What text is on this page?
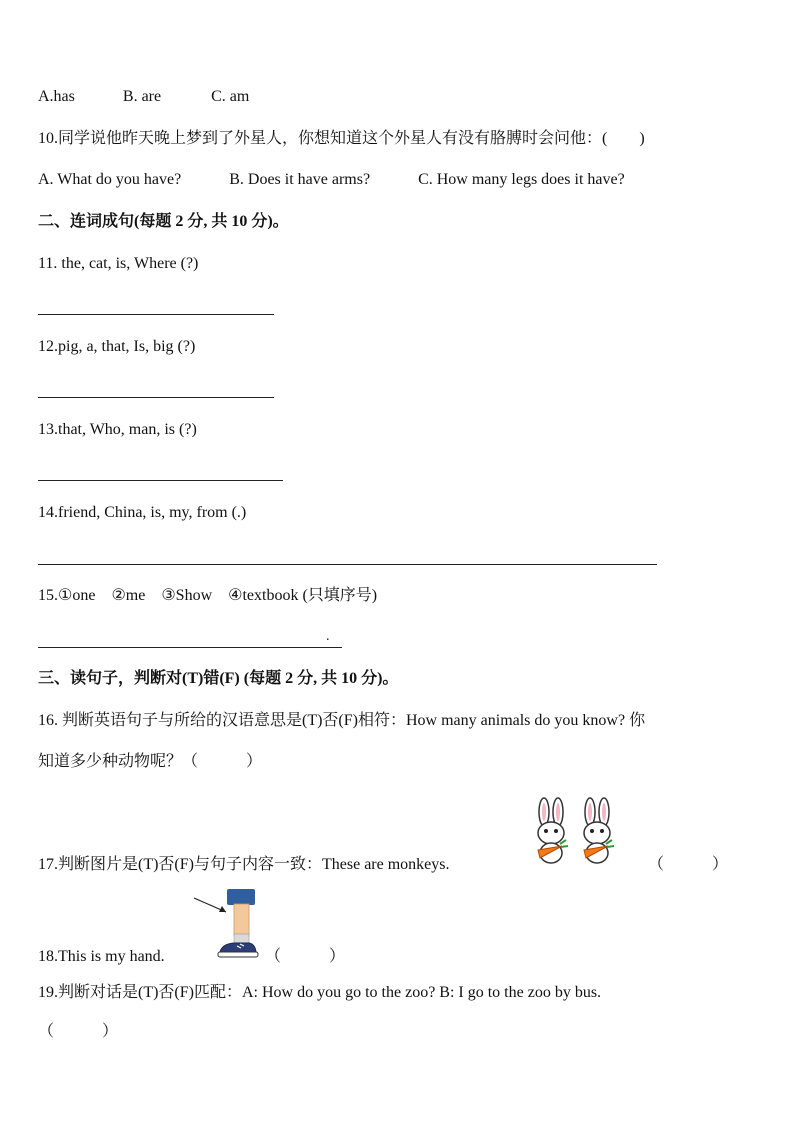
A.has	B. are	C. am
10.同学说他昨天晚上梦到了外星人，你想知道这个外星人有没有胳膊时会问他：(　　)
A. What do you have?	B. Does it have arms?	C. How many legs does it have?
二、连词成句(每题 2 分, 共 10 分)。
11. the, cat, is, Where (?)
12.pig, a, that, Is, big (?)
13.that, Who, man, is (?)
14.friend, China, is, my, from (.)
15.①one　②me　③Show　④textbook (只填序号)
.
三、读句子，判断对(T)错(F) (每题 2 分, 共 10 分)。
16. 判断英语句子与所给的汉语意思是(T)否(F)相符：How many animals do you know? 你
知道多少种动物呢？（　　　）
17.判断图片是(T)否(F)与句子内容一致：These are monkeys.	（　　　）
18.This is my hand.	（　　　）
19.判断对话是(T)否(F)匹配：A: How do you go to the zoo? B: I go to the zoo by bus.
（　　　）
